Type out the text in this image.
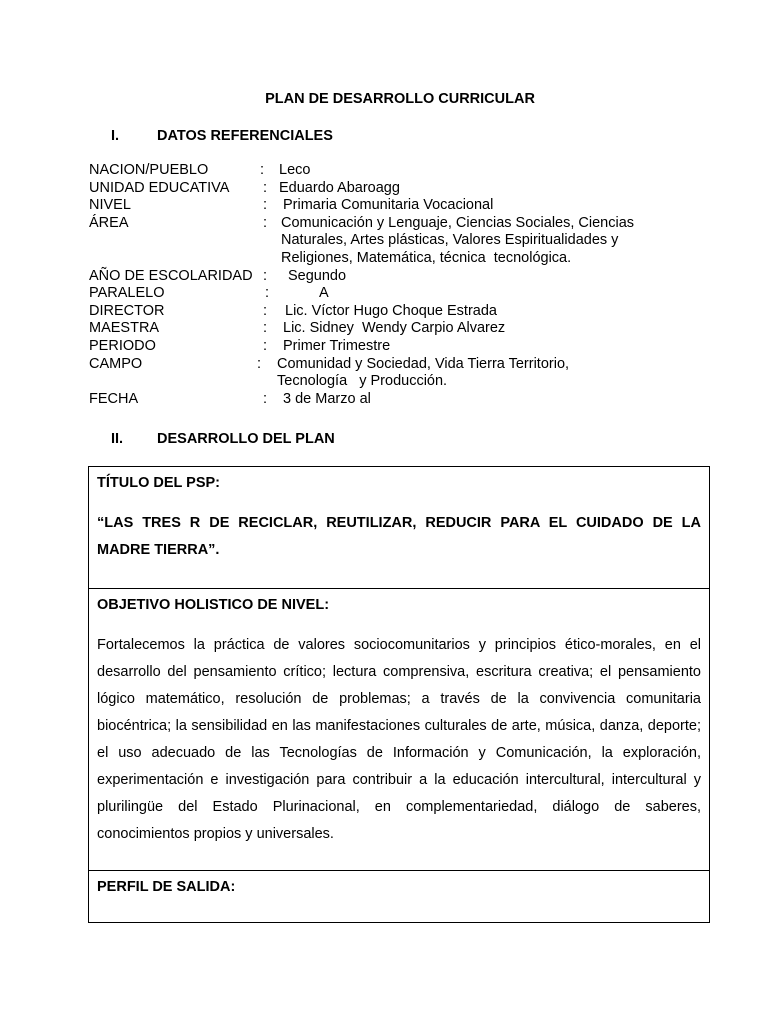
PLAN DE DESARROLLO CURRICULAR
I.	DATOS REFERENCIALES
NACION/PUEBLO	: Leco
UNIDAD EDUCATIVA : Eduardo Abaroagg
NIVEL	: Primaria Comunitaria Vocacional
ÁREA	: Comunicación y Lenguaje, Ciencias Sociales, Ciencias
Naturales, Artes plásticas, Valores Espiritualidades y
Religiones, Matemática, técnica  tecnológica.
AÑO DE ESCOLARIDAD : Segundo
PARALELO	:	A
DIRECTOR	: Lic. Víctor Hugo Choque Estrada
MAESTRA	: Lic. Sidney  Wendy Carpio Alvarez
PERIODO	: Primer Trimestre
CAMPO	: Comunidad y Sociedad, Vida Tierra Territorio,
Tecnología   y Producción.
FECHA	: 3 de Marzo al
II. DESARROLLO DEL PLAN
TÍTULO DEL PSP:
“LAS TRES R DE RECICLAR, REUTILIZAR, REDUCIR PARA EL CUIDADO DE LA MADRE TIERRA”.
OBJETIVO HOLISTICO DE NIVEL:
Fortalecemos la práctica de valores sociocomunitarios y principios ético-morales, en el desarrollo del pensamiento crítico; lectura comprensiva, escritura creativa; el pensamiento lógico matemático, resolución de problemas; a través de la convivencia comunitaria biocéntrica; la sensibilidad en las manifestaciones culturales de arte, música, danza, deporte; el uso adecuado de las Tecnologías de Información y Comunicación, la exploración, experimentación e investigación para contribuir a la educación intercultural, intercultural y plurilingüe del Estado Plurinacional, en complementariedad, diálogo de saberes, conocimientos propios y universales.
PERFIL DE SALIDA:
